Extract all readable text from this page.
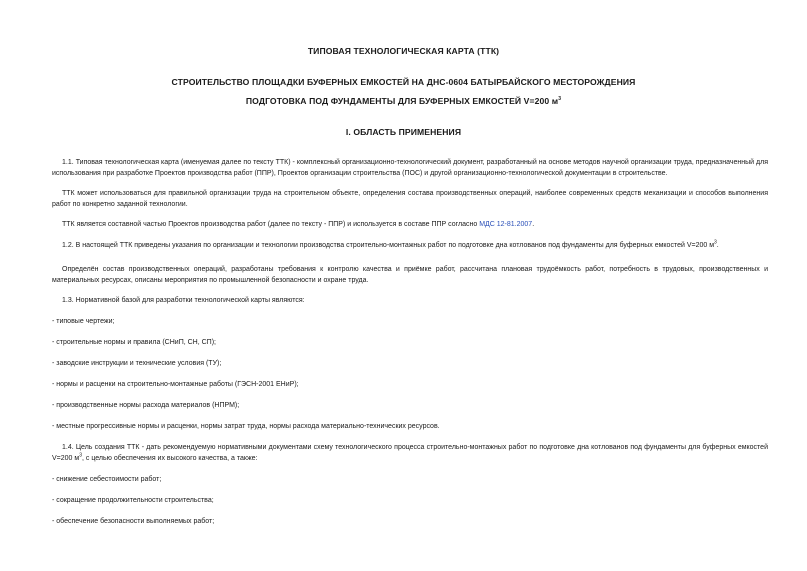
ТИПОВАЯ ТЕХНОЛОГИЧЕСКАЯ КАРТА (ТТК)
СТРОИТЕЛЬСТВО ПЛОЩАДКИ БУФЕРНЫХ ЕМКОСТЕЙ НА ДНС-0604 БАТЫРБАЙСКОГО МЕСТОРОЖДЕНИЯ
ПОДГОТОВКА ПОД ФУНДАМЕНТЫ ДЛЯ БУФЕРНЫХ ЕМКОСТЕЙ V=200 $м^3$
I. ОБЛАСТЬ ПРИМЕНЕНИЯ
1.1. Типовая технологическая карта (именуемая далее по тексту ТТК) - комплексный организационно-технологический документ, разработанный на основе методов научной организации труда, предназначенный для использования при разработке Проектов производства работ (ППР), Проектов организации строительства (ПОС) и другой организационно-технологической документации в строительстве.
ТТК может использоваться для правильной организации труда на строительном объекте, определения состава производственных операций, наиболее современных средств механизации и способов выполнения работ по конкретно заданной технологии.
ТТК является составной частью Проектов производства работ (далее по тексту - ППР) и используется в составе ППР согласно МДС 12-81.2007.
1.2. В настоящей ТТК приведены указания по организации и технологии производства строительно-монтажных работ по подготовке дна котлованов под фундаменты для буферных емкостей V=200 $м^3$.
Определён состав производственных операций, разработаны требования к контролю качества и приёмке работ, рассчитана плановая трудоёмкость работ, потребность в трудовых, производственных и материальных ресурсах, описаны мероприятия по промышленной безопасности и охране труда.
1.3. Нормативной базой для разработки технологической карты являются:
- типовые чертежи;
- строительные нормы и правила (СНиП, СН, СП);
- заводские инструкции и технические условия (ТУ);
- нормы и расценки на строительно-монтажные работы (ГЭСН-2001 ЕНиР);
- производственные нормы расхода материалов (НПРМ);
- местные прогрессивные нормы и расценки, нормы затрат труда, нормы расхода материально-технических ресурсов.
1.4. Цель создания ТТК - дать рекомендуемую нормативными документами схему технологического процесса строительно-монтажных работ по подготовке дна котлованов под фундаменты для буферных емкостей V=200 $м^3$, с целью обеспечения их высокого качества, а также:
- снижение себестоимости работ;
- сокращение продолжительности строительства;
- обеспечение безопасности выполняемых работ;
